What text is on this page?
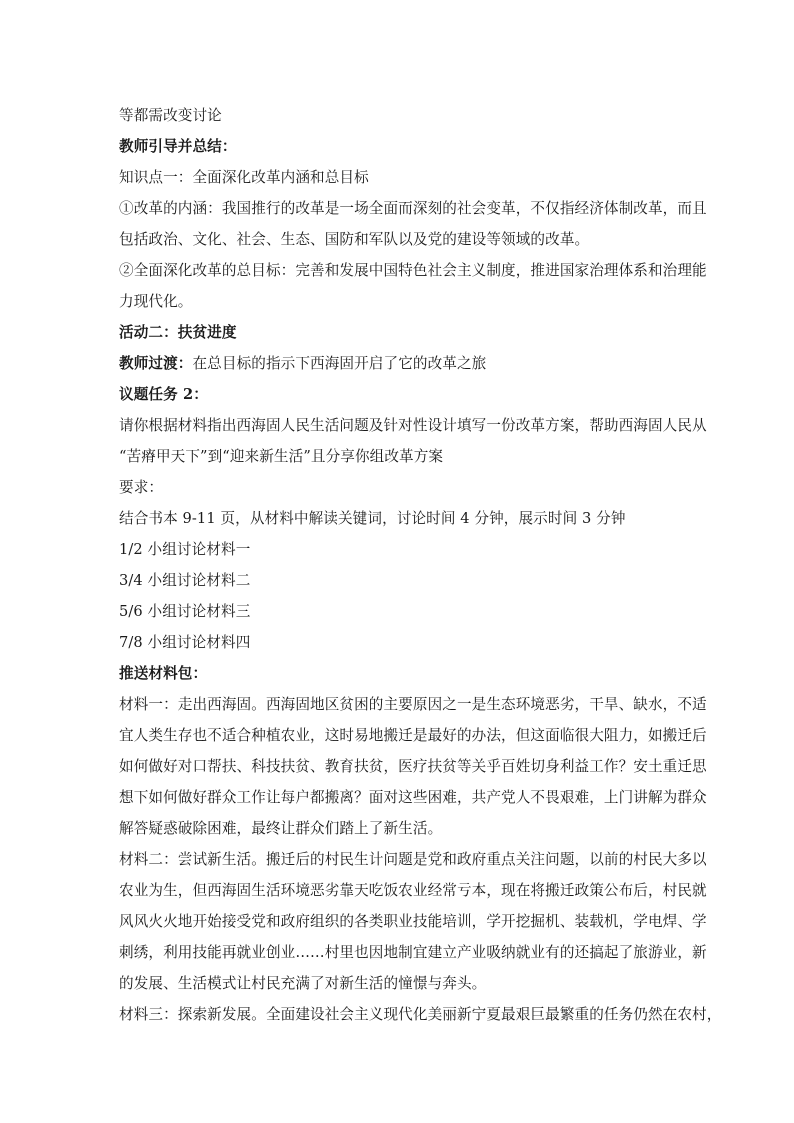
等都需改变讨论
教师引导并总结：
知识点一：全面深化改革内涵和总目标
①改革的内涵：我国推行的改革是一场全面而深刻的社会变革，不仅指经济体制改革，而且
包括政治、文化、社会、生态、国防和军队以及党的建设等领域的改革。
②全面深化改革的总目标：完善和发展中国特色社会主义制度，推进国家治理体系和治理能
力现代化。
活动二：扶贫进度
教师过渡：在总目标的指示下西海固开启了它的改革之旅
议题任务 2：
请你根据材料指出西海固人民生活问题及针对性设计填写一份改革方案，帮助西海固人民从
“苦瘠甲天下”到“迎来新生活”且分享你组改革方案
要求：
结合书本 9-11 页，从材料中解读关键词，讨论时间 4 分钟，展示时间 3 分钟
1/2 小组讨论材料一
3/4 小组讨论材料二
5/6 小组讨论材料三
7/8 小组讨论材料四
推送材料包：
材料一：走出西海固。西海固地区贫困的主要原因之一是生态环境恶劣，干旱、缺水，不适
宜人类生存也不适合种植农业，这时易地搬迁是最好的办法，但这面临很大阻力，如搬迁后
如何做好对口帮扶、科技扶贫、教育扶贫，医疗扶贫等关乎百姓切身利益工作？安土重迁思
想下如何做好群众工作让每户都搬离？面对这些困难，共产党人不畏艰难，上门讲解为群众
解答疑惑破除困难，最终让群众们踏上了新生活。
材料二：尝试新生活。搬迁后的村民生计问题是党和政府重点关注问题，以前的村民大多以
农业为生，但西海固生活环境恶劣靠天吃饭农业经常亏本，现在将搬迁政策公布后，村民就
风风火火地开始接受党和政府组织的各类职业技能培训，学开挖掘机、装载机，学电焊、学
刺绣，利用技能再就业创业……村里也因地制宜建立产业吸纳就业有的还搞起了旅游业，新
的发展、生活模式让村民充满了对新生活的憧憬与奔头。
材料三：探索新发展。全面建设社会主义现代化美丽新宁夏最艰巨最繁重的任务仍然在农村，
